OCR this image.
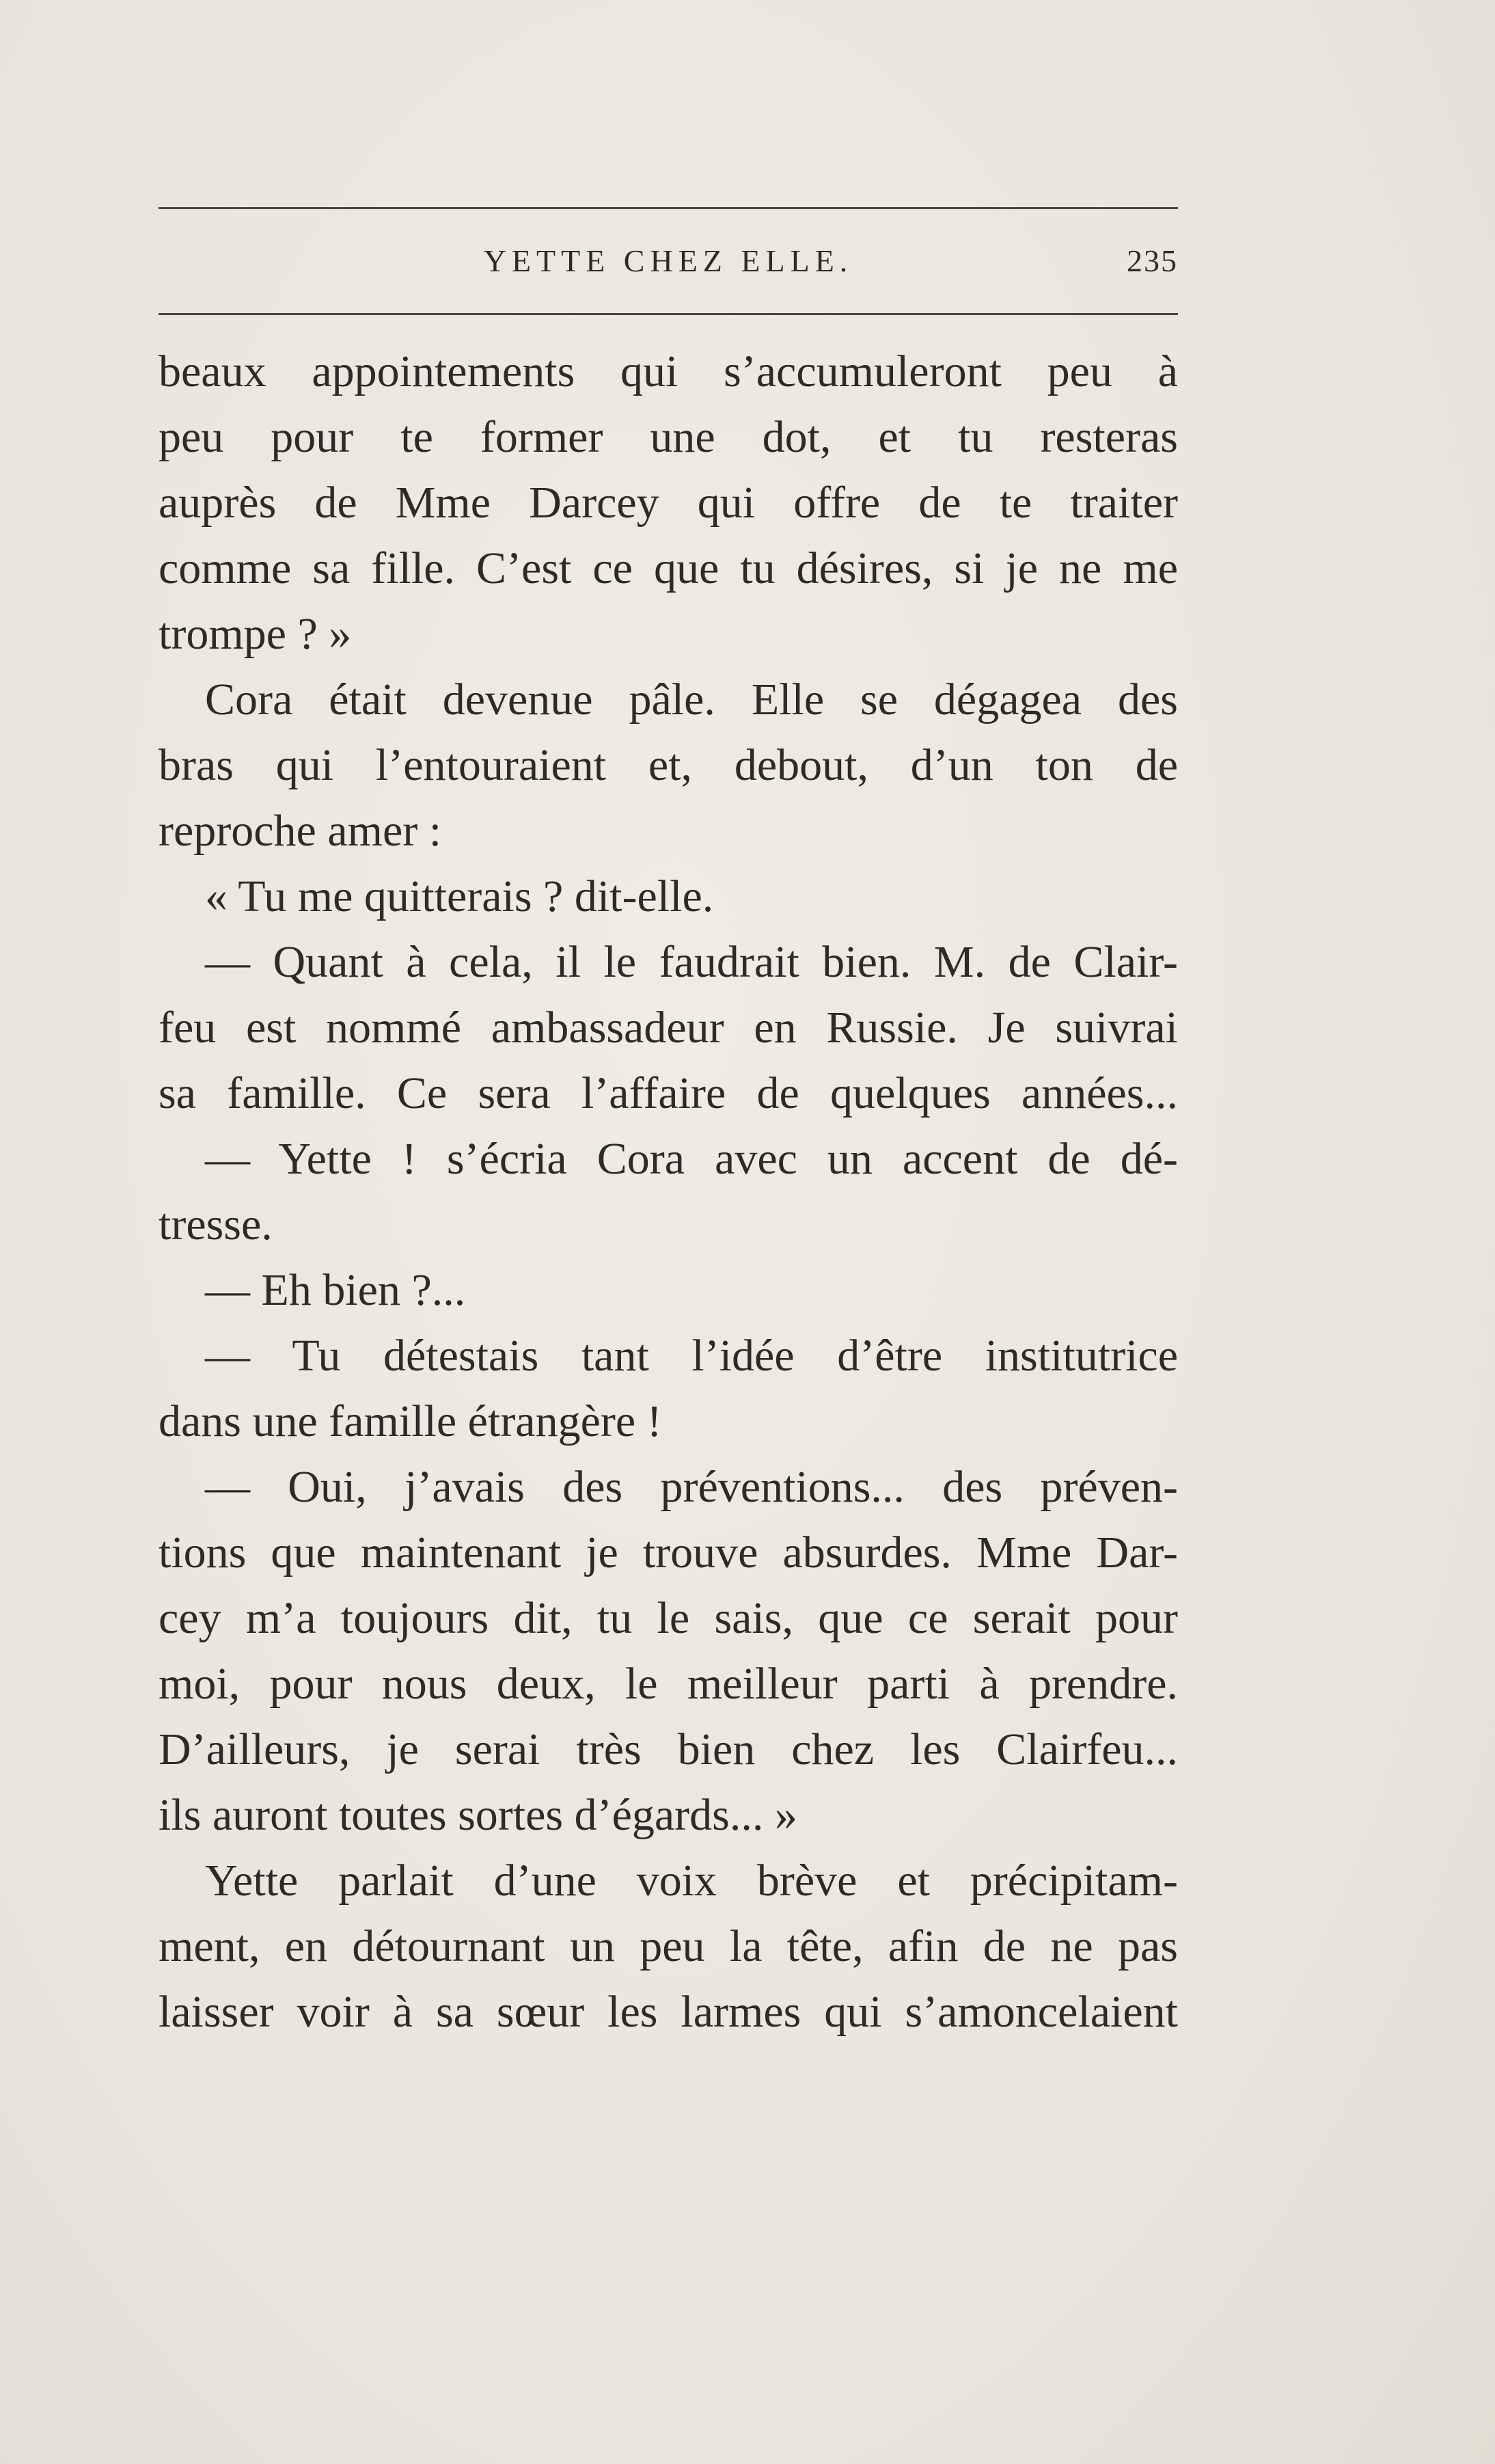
YETTE CHEZ ELLE.	235
beaux appointements qui s’accumuleront peu à
peu pour te former une dot, et tu resteras
auprès de Mme Darcey qui offre de te traiter
comme sa fille. C’est ce que tu désires, si je ne me
trompe ? »
Cora était devenue pâle. Elle se dégagea des
bras qui l’entouraient et, debout, d’un ton de
reproche amer :
« Tu me quitterais ? dit-elle.
— Quant à cela, il le faudrait bien. M. de Clair-
feu est nommé ambassadeur en Russie. Je suivrai
sa famille. Ce sera l’affaire de quelques années...
— Yette ! s’écria Cora avec un accent de dé-
tresse.
— Eh bien ?...
— Tu détestais tant l’idée d’être institutrice
dans une famille étrangère !
— Oui, j’avais des préventions... des préven-
tions que maintenant je trouve absurdes. Mme Dar-
cey m’a toujours dit, tu le sais, que ce serait pour
moi, pour nous deux, le meilleur parti à prendre.
D’ailleurs, je serai très bien chez les Clairfeu...
ils auront toutes sortes d’égards... »
Yette parlait d’une voix brève et précipitam-
ment, en détournant un peu la tête, afin de ne pas
laisser voir à sa sœur les larmes qui s’amoncelaient
